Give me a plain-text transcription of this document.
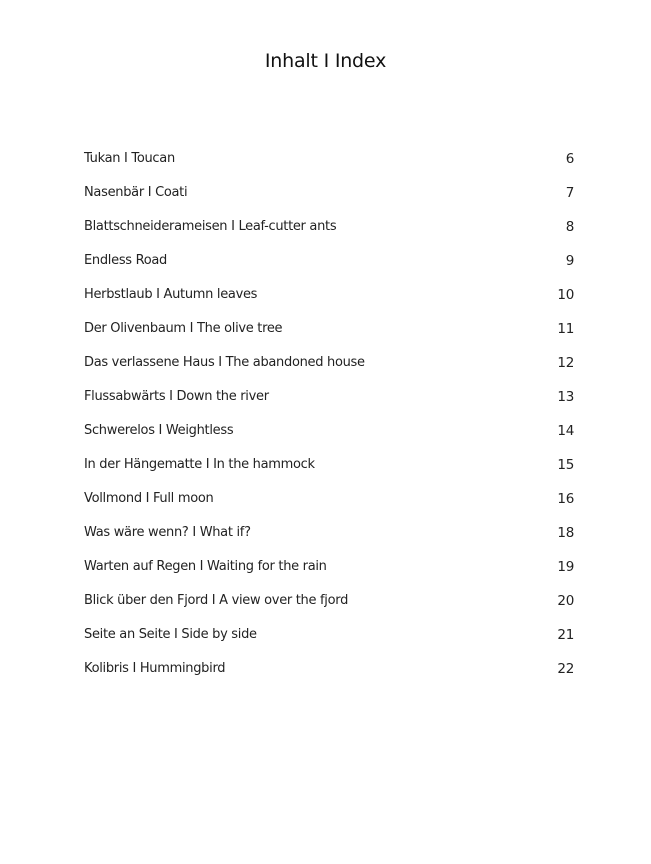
Inhalt I Index
Tukan I Toucan	6
Nasenbär I Coati	7
Blattschneiderameisen I Leaf-cutter ants	8
Endless Road	9
Herbstlaub I Autumn leaves	10
Der Olivenbaum I The olive tree	11
Das verlassene Haus I The abandoned house	12
Flussabwärts I Down the river	13
Schwerelos I Weightless	14
In der Hängematte I In the hammock	15
Vollmond I Full moon	16
Was wäre wenn? I What if?	18
Warten auf Regen I Waiting for the rain	19
Blick über den Fjord I A view over the fjord	20
Seite an Seite I Side by side	21
Kolibris I Hummingbird	22
